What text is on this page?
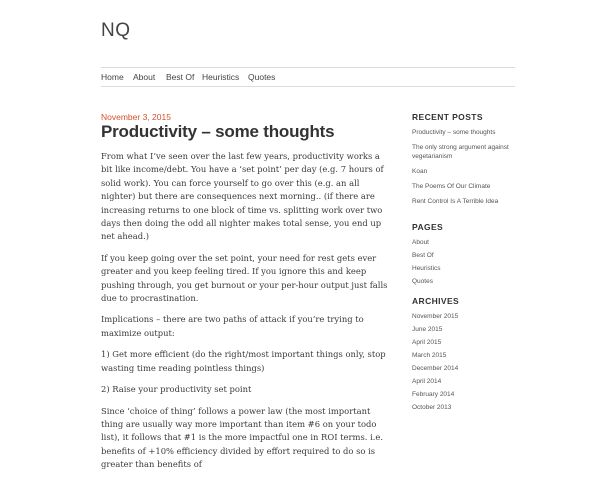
NQ
Home About Best Of Heuristics Quotes
November 3, 2015
Productivity – some thoughts

From what I’ve seen over the last few years, productivity works a bit like income/debt. You have a ‘set point’ per day (e.g. 7 hours of solid work). You can force yourself to go over this (e.g. an all nighter) but there are consequences next morning.. (if there are increasing returns to one block of time vs. splitting work over two days then doing the odd all nighter makes total sense, you end up net ahead.)

If you keep going over the set point, your need for rest gets ever greater and you keep feeling tired. If you ignore this and keep pushing through, you get burnout or your per-hour output just falls due to procrastination.

Implications – there are two paths of attack if you’re trying to maximize output:

1) Get more efficient (do the right/most important things only, stop wasting time reading pointless things)

2) Raise your productivity set point

Since ‘choice of thing’ follows a power law (the most important thing are usually way more important than item #6 on your todo list), it follows that #1 is the more impactful one in ROI terms. i.e. benefits of +10% efficiency divided by effort required to do so is greater than benefits of

RECENT POSTS
Productivity – some thoughts
The only strong argument against vegetarianism
Koan
The Poems Of Our Climate
Rent Control Is A Terrible Idea
PAGES
About
Best Of
Heuristics
Quotes
ARCHIVES
November 2015
June 2015
April 2015
March 2015
December 2014
April 2014
February 2014
October 2013
